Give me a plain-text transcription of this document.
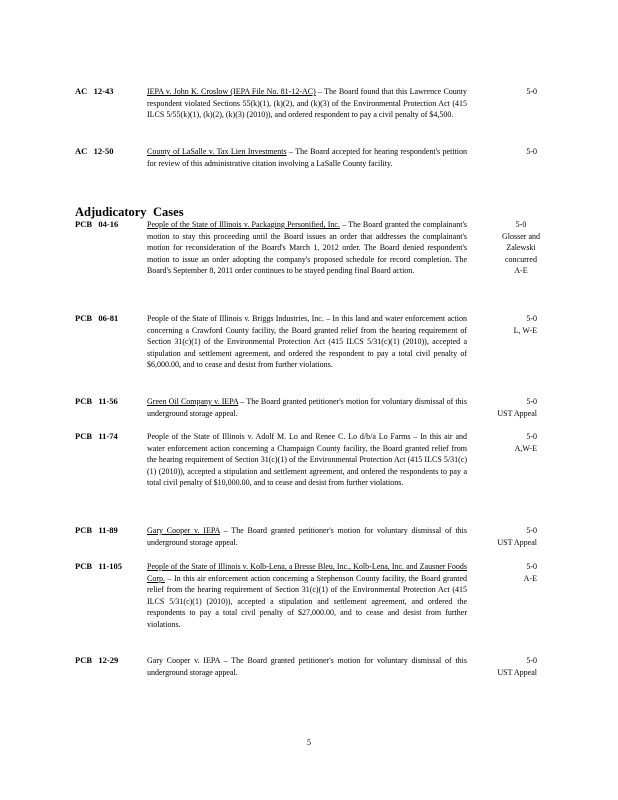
AC 12-43	IEPA v. John K. Croslow (IEPA File No. 81-12-AC) – The Board found that this Lawrence County respondent violated Sections 55(k)(1), (k)(2), and (k)(3) of the Environmental Protection Act (415 ILCS 5/55(k)(1), (k)(2), (k)(3) (2010)), and ordered respondent to pay a civil penalty of $4,500.
5-0
AC 12-50	County of LaSalle v. Tax Lien Investments – The Board accepted for hearing respondent's petition for review of this administrative citation involving a LaSalle County facility.
5-0
Adjudicatory Cases
PCB 04-16	People of the State of Illinois v. Packaging Personified, Inc. – The Board granted the complainant's motion to stay this proceeding until the Board issues an order that addresses the complainant's motion for reconsideration of the Board's March 1, 2012 order. The Board denied respondent's motion to issue an order adopting the company's proposed schedule for record completion. The Board's September 8, 2011 order continues to be stayed pending final Board action.
5-0
Glosser and
Zalewski
concurred
A-E
PCB 06-81	People of the State of Illinois v. Briggs Industries, Inc. – In this land and water enforcement action concerning a Crawford County facility, the Board granted relief from the hearing requirement of Section 31(c)(1) of the Environmental Protection Act (415 ILCS 5/31(c)(1) (2010)), accepted a stipulation and settlement agreement, and ordered the respondent to pay a total civil penalty of $6,000.00, and to cease and desist from further violations.
5-0
L, W-E
PCB 11-56	Green Oil Company v. IEPA – The Board granted petitioner's motion for voluntary dismissal of this underground storage appeal.
5-0
UST Appeal
PCB 11-74	People of the State of Illinois v. Adolf M. Lo and Renee C. Lo d/b/a Lo Farms – In this air and water enforcement action concerning a Champaign County facility, the Board granted relief from the hearing requirement of Section 31(c)(1) of the Environmental Protection Act (415 ILCS 5/31(c)(1) (2010)), accepted a stipulation and settlement agreement, and ordered the respondents to pay a total civil penalty of $10,000.00, and to cease and desist from further violations.
5-0
A,W-E
PCB 11-89	Gary Cooper v. IEPA – The Board granted petitioner's motion for voluntary dismissal of this underground storage appeal.
5-0
UST Appeal
PCB 11-105	People of the State of Illinois v. Kolb-Lena, a Bresse Bleu, Inc., Kolb-Lena, Inc. and Zausner Foods Corp. – In this air enforcement action concerning a Stephenson County facility, the Board granted relief from the hearing requirement of Section 31(c)(1) of the Environmental Protection Act (415 ILCS 5/31(c)(1) (2010)), accepted a stipulation and settlement agreement, and ordered the respondents to pay a total civil penalty of $27,000.00, and to cease and desist from further violations.
5-0
A-E
PCB 12-29	Gary Cooper v. IEPA – The Board granted petitioner's motion for voluntary dismissal of this underground storage appeal.
5-0
UST Appeal
5
